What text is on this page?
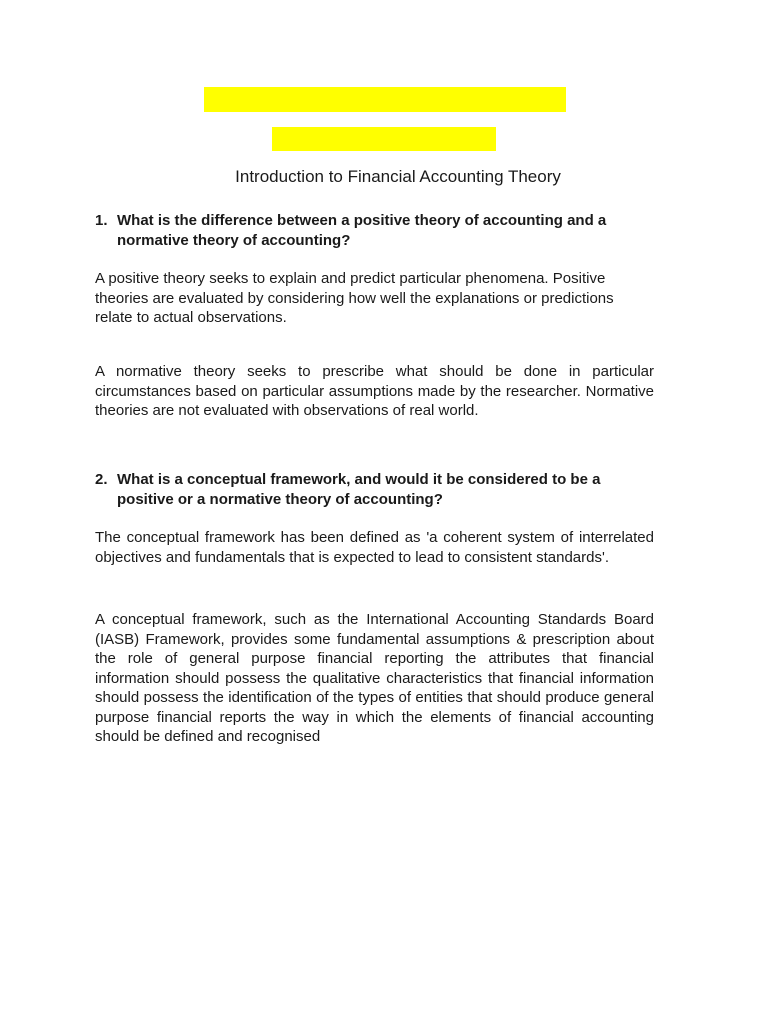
Introduction to Financial Accounting Theory
1. What is the difference between a positive theory of accounting and a normative theory of accounting?

A positive theory seeks to explain and predict particular phenomena. Positive theories are evaluated by considering how well the explanations or predictions relate to actual observations.

A normative theory seeks to prescribe what should be done in particular circumstances based on particular assumptions made by the researcher. Normative theories are not evaluated with observations of real world.

2. What is a conceptual framework, and would it be considered to be a positive or a normative theory of accounting?

The conceptual framework has been defined as 'a coherent system of interrelated objectives and fundamentals that is expected to lead to consistent standards'.

A conceptual framework, such as the International Accounting Standards Board (IASB) Framework, provides some fundamental assumptions & prescription about the role of general purpose financial reporting the attributes that financial information should possess the qualitative characteristics that financial information should possess the identification of the types of entities that should produce general purpose financial reports the way in which the elements of financial accounting should be defined and recognised
